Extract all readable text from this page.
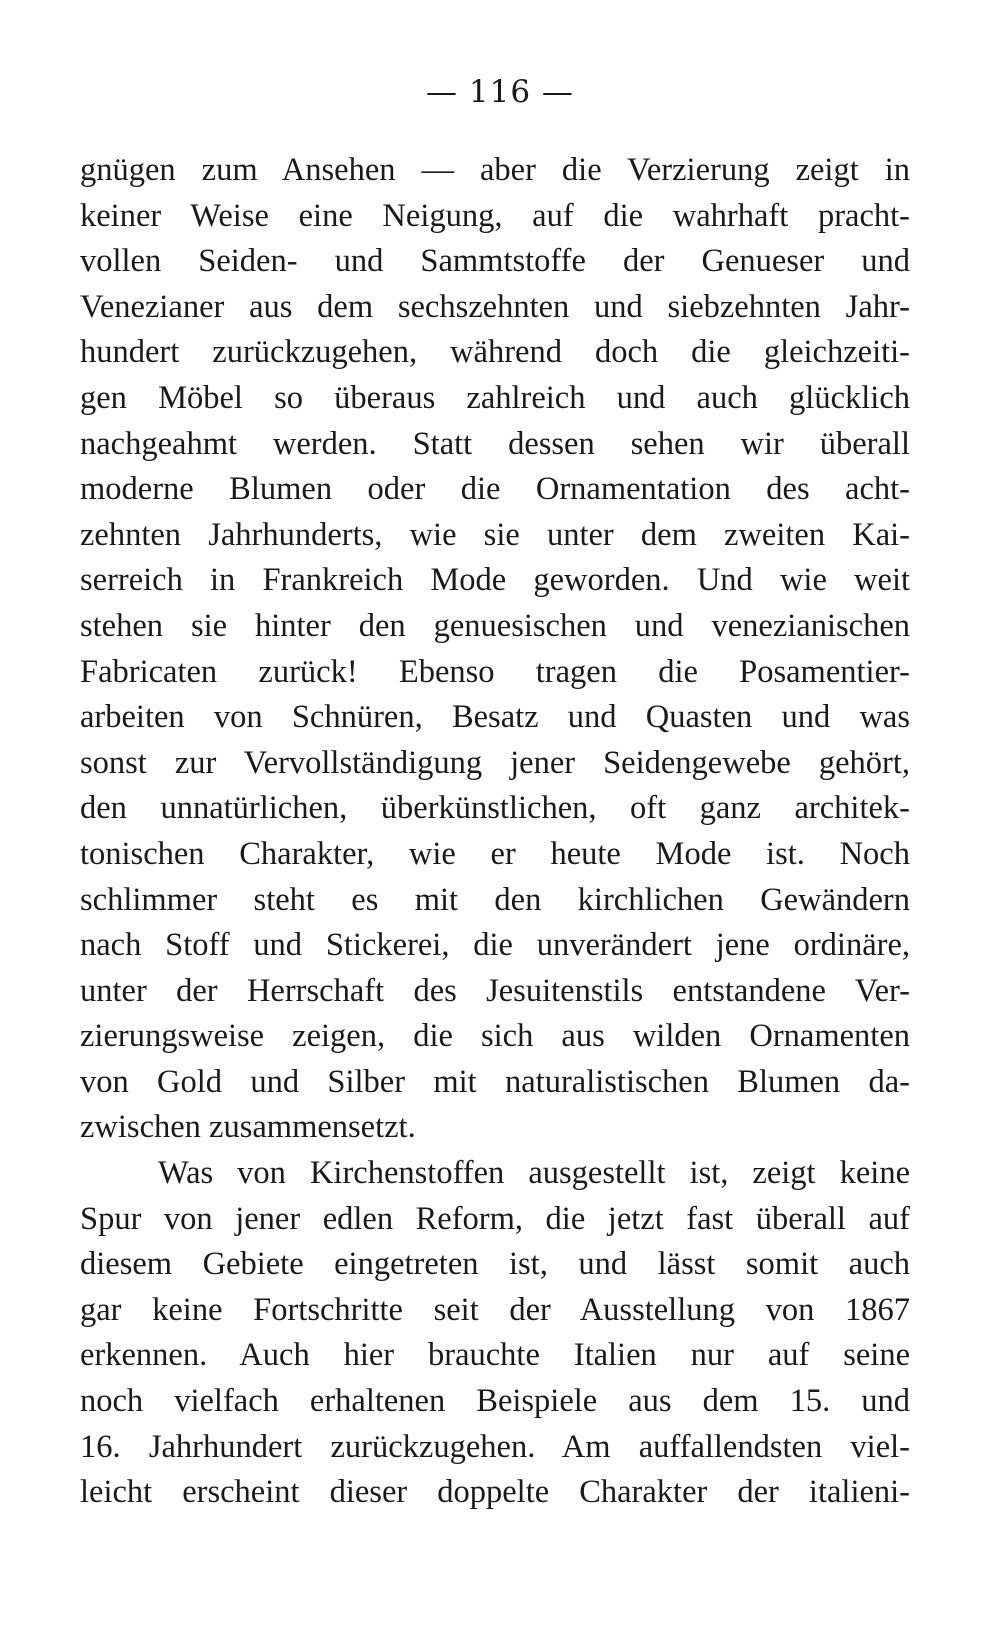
— 116 —
gnügen zum Ansehen — aber die Verzierung zeigt in
keiner Weise eine Neigung, auf die wahrhaft pracht-
vollen Seiden- und Sammtstoffe der Genueser und
Venezianer aus dem sechszehnten und siebzehnten Jahr-
hundert zurückzugehen, während doch die gleichzeiti-
gen Möbel so überaus zahlreich und auch glücklich
nachgeahmt werden. Statt dessen sehen wir überall
moderne Blumen oder die Ornamentation des acht-
zehnten Jahrhunderts, wie sie unter dem zweiten Kai-
serreich in Frankreich Mode geworden. Und wie weit
stehen sie hinter den genuesischen und venezianischen
Fabricaten zurück! Ebenso tragen die Posamentier-
arbeiten von Schnüren, Besatz und Quasten und was
sonst zur Vervollständigung jener Seidengewebe gehört,
den unnatürlichen, überkünstlichen, oft ganz architek-
tonischen Charakter, wie er heute Mode ist. Noch
schlimmer steht es mit den kirchlichen Gewändern
nach Stoff und Stickerei, die unverändert jene ordinäre,
unter der Herrschaft des Jesuitenstils entstandene Ver-
zierungsweise zeigen, die sich aus wilden Ornamenten
von Gold und Silber mit naturalistischen Blumen da-
zwischen zusammensetzt.
Was von Kirchenstoffen ausgestellt ist, zeigt keine
Spur von jener edlen Reform, die jetzt fast überall auf
diesem Gebiete eingetreten ist, und lässt somit auch
gar keine Fortschritte seit der Ausstellung von 1867
erkennen. Auch hier brauchte Italien nur auf seine
noch vielfach erhaltenen Beispiele aus dem 15. und
16. Jahrhundert zurückzugehen. Am auffallendsten viel-
leicht erscheint dieser doppelte Charakter der italieni-
